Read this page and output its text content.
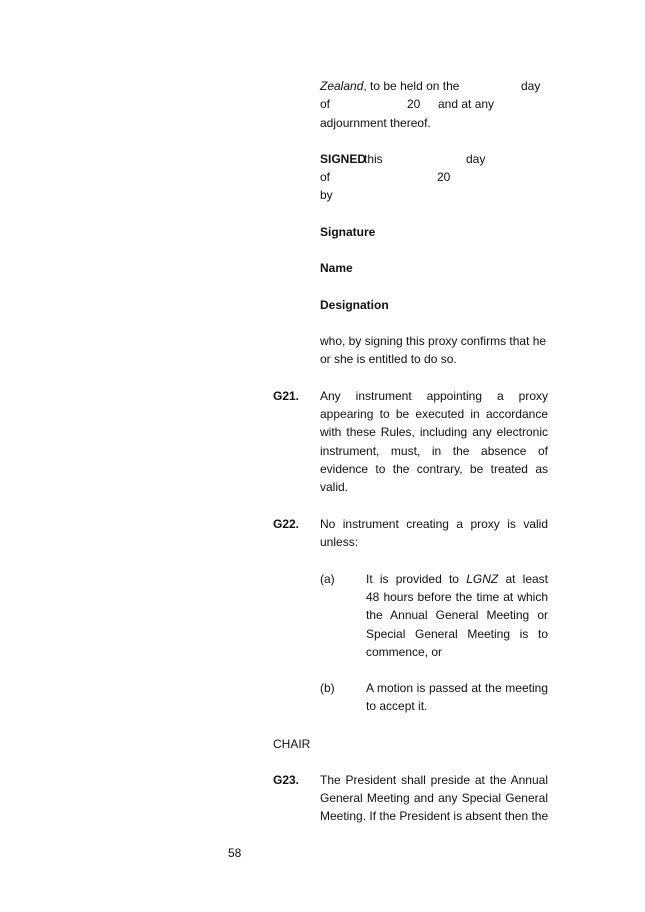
Zealand, to be held on the	day
of	20 and at any
adjournment thereof.
SIGNED
this	day
of	20
by
Signature
Name
Designation
who, by signing this proxy confirms that he
or she is entitled to do so.
G21. Any instrument appointing a proxy
appearing to be executed in accordance
with these Rules, including any electronic
instrument, must, in the absence of
evidence to the contrary, be treated as
valid.
G22. No instrument creating a proxy is valid
unless:
(a)	It is provided to LGNZ at least
48 hours before the time at which
the Annual General Meeting or
Special General Meeting is to
commence, or
(b)	A motion is passed at the meeting
to accept it.
CHAIR
G23. The President shall preside at the Annual
General Meeting and any Special General
Meeting. If the President is absent then the
58
